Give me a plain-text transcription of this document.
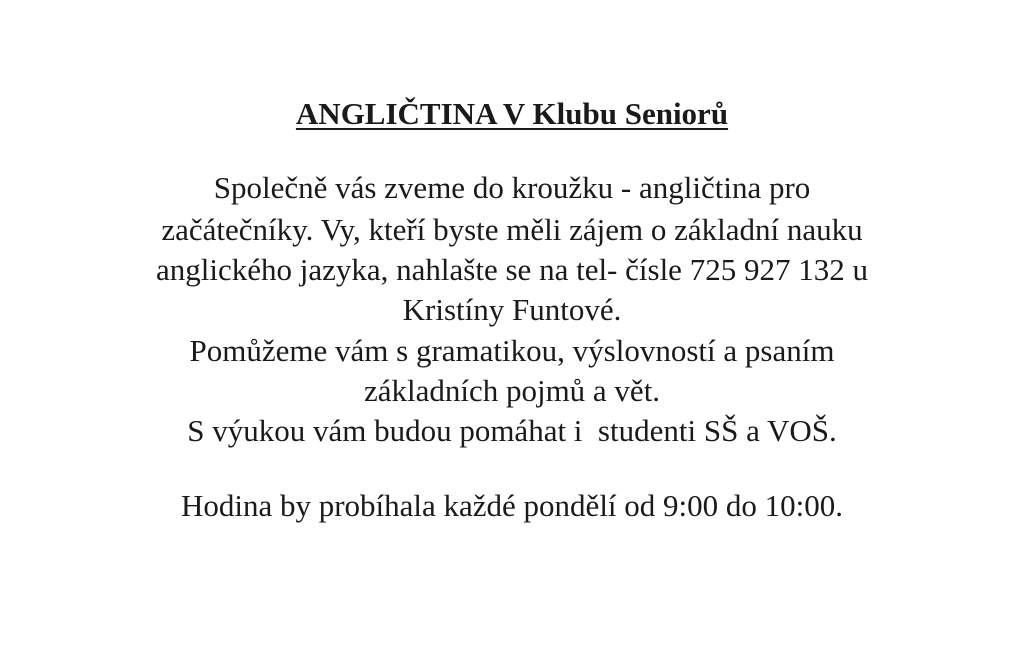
ANGLIČTINA V Klubu Seniorů
Společně vás zveme do kroužku - angličtina pro
začátečníky. Vy, kteří byste měli zájem o základní nauku
anglického jazyka, nahlašte se na tel- čísle 725 927 132 u
Kristíny Funtové.
Pomůžeme vám s gramatikou, výslovností a psaním
základních pojmů a vět.
S výukou vám budou pomáhat i  studenti SŠ a VOŠ.
Hodina by probíhala každé pondělí od 9:00 do 10:00.
